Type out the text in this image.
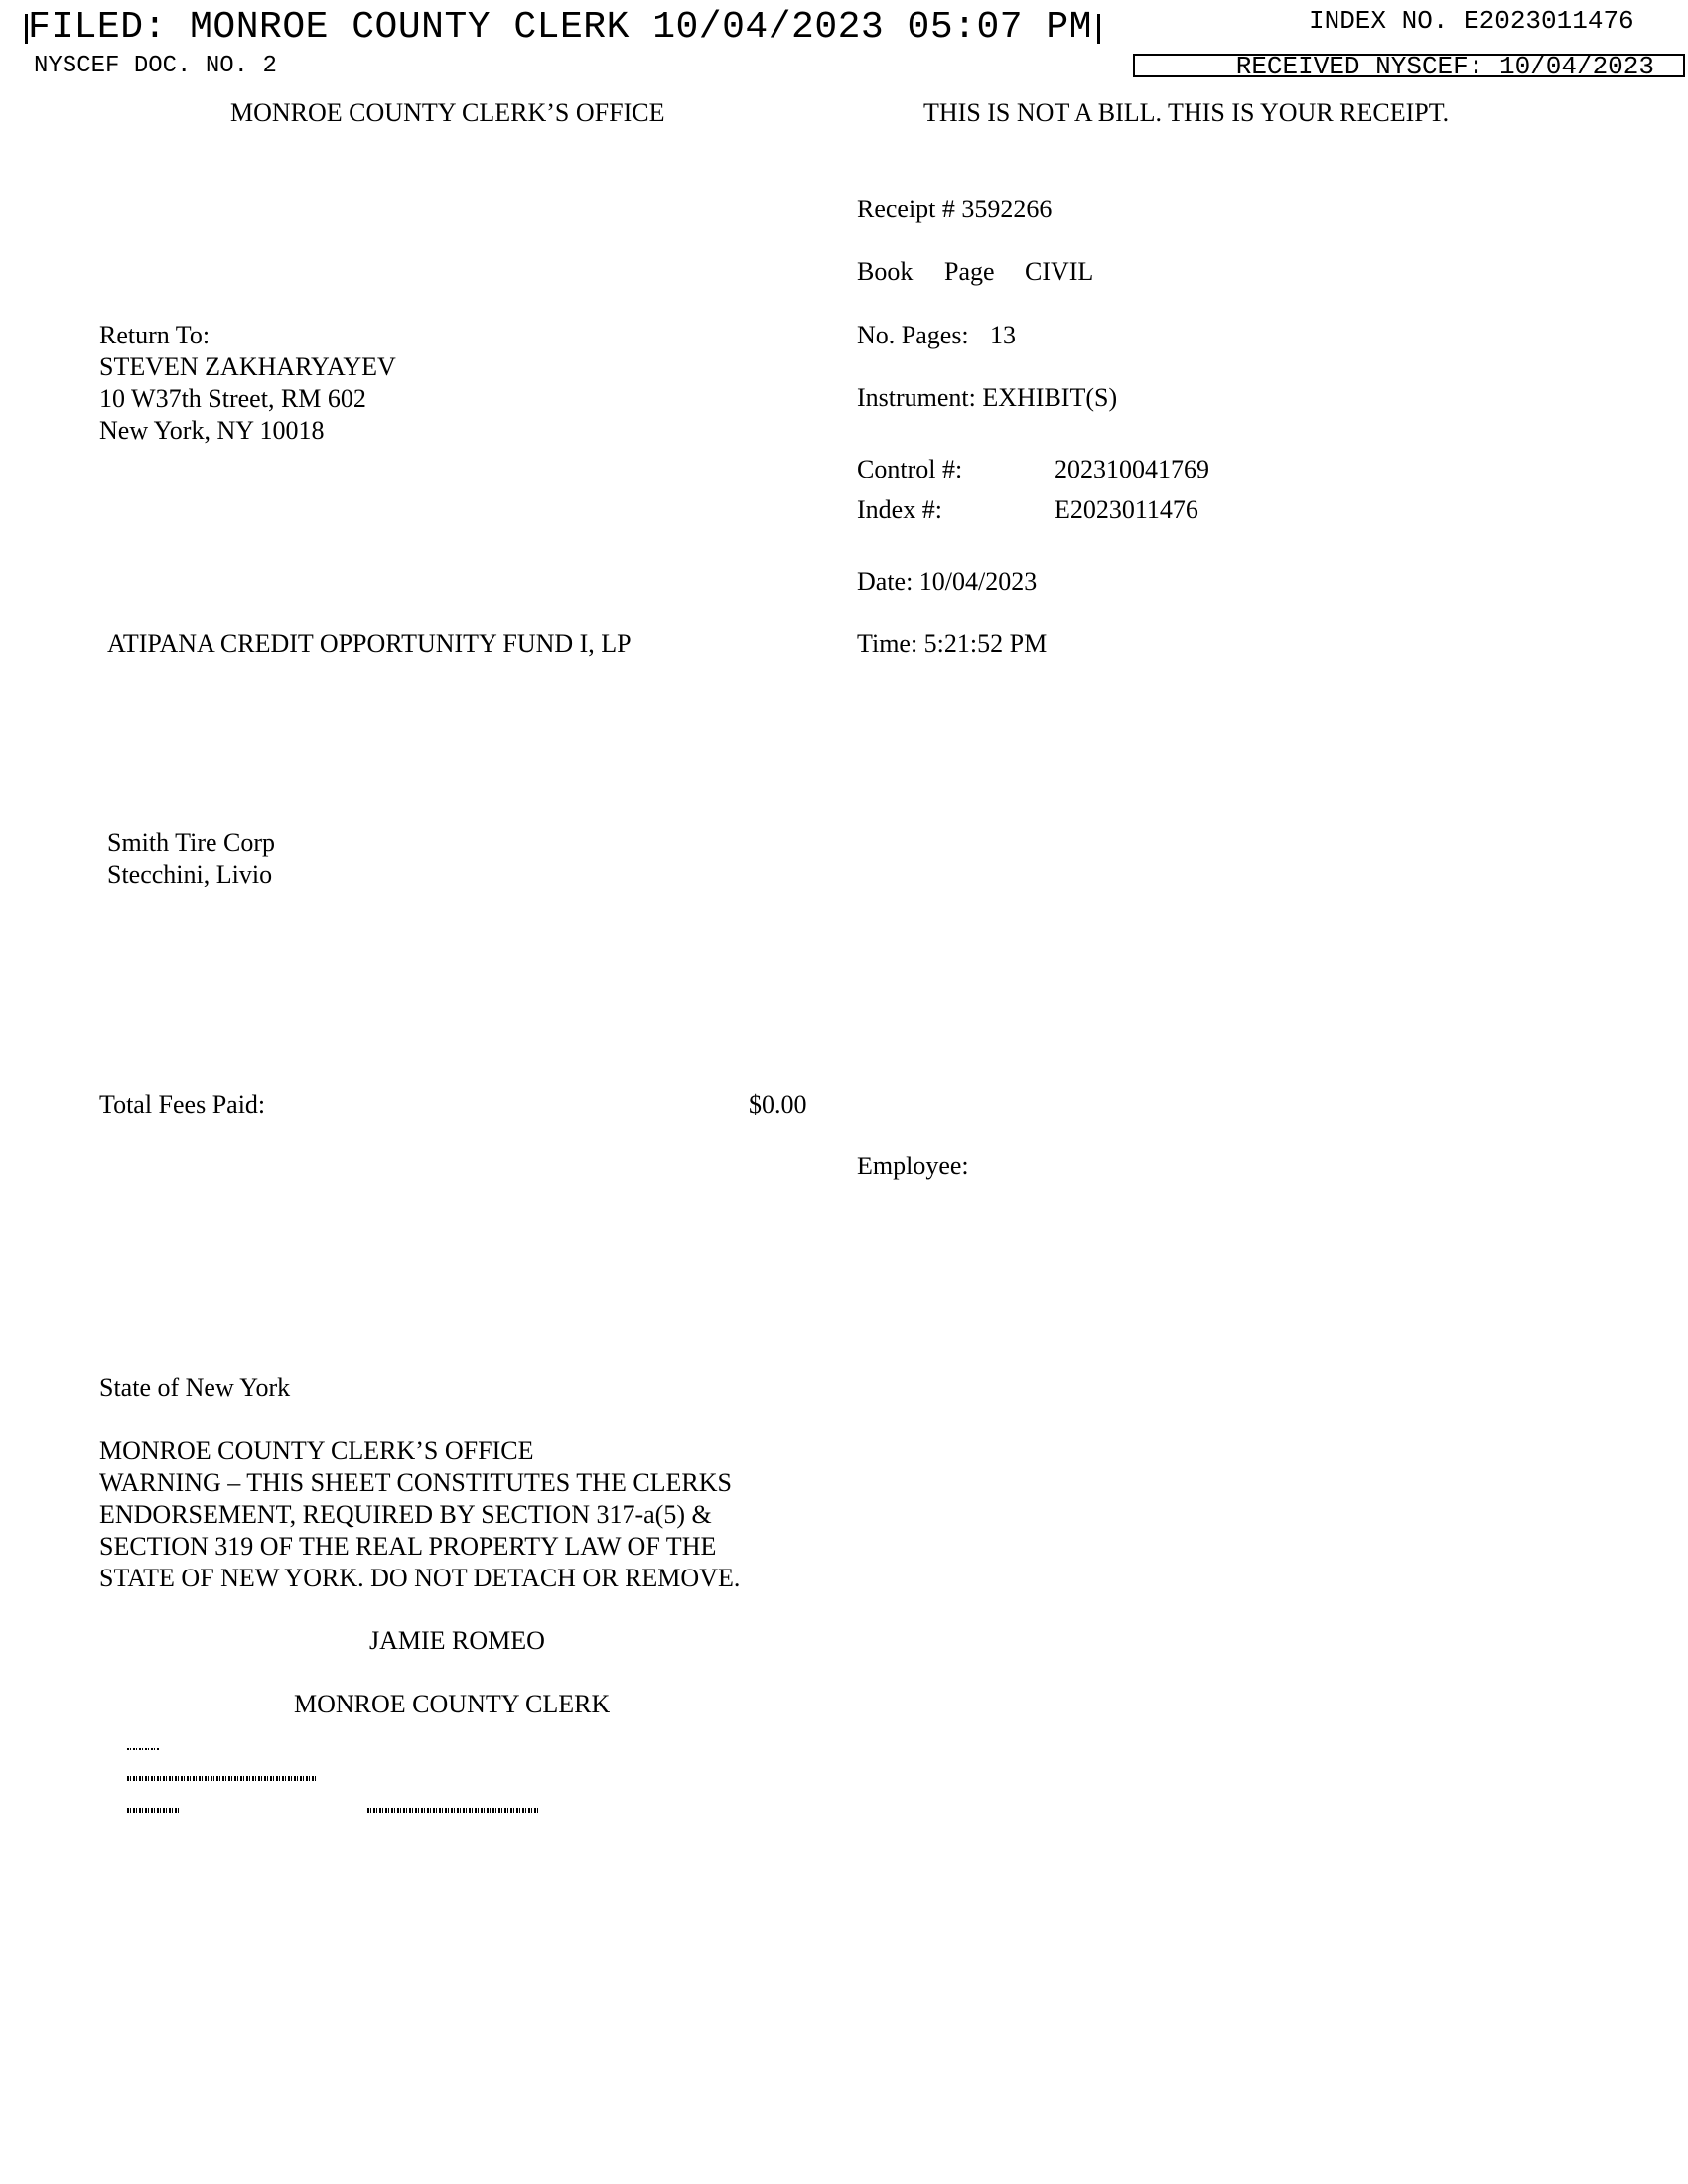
FILED: MONROE COUNTY CLERK 10/04/2023 05:07 PM	INDEX NO. E2023011476
NYSCEF DOC. NO. 2	RECEIVED NYSCEF: 10/04/2023
MONROE COUNTY CLERK’S OFFICE	THIS IS NOT A BILL. THIS IS YOUR RECEIPT.
Receipt # 3592266
Book Page CIVIL
No. Pages: 13
Instrument: EXHIBIT(S)
Control #:	202310041769
Index #:	E2023011476
Date: 10/04/2023
Time: 5:21:52 PM
Employee:
Return To:
STEVEN ZAKHARYAYEV
10 W37th Street, RM 602
New York, NY 10018
ATIPANA CREDIT OPPORTUNITY FUND I, LP
Smith Tire Corp
Stecchini, Livio
Total Fees Paid:	$0.00
State of New York
MONROE COUNTY CLERK’S OFFICE
WARNING – THIS SHEET CONSTITUTES THE CLERKS
ENDORSEMENT, REQUIRED BY SECTION 317-a(5) &
SECTION 319 OF THE REAL PROPERTY LAW OF THE
STATE OF NEW YORK. DO NOT DETACH OR REMOVE.
JAMIE ROMEO
MONROE COUNTY CLERK
